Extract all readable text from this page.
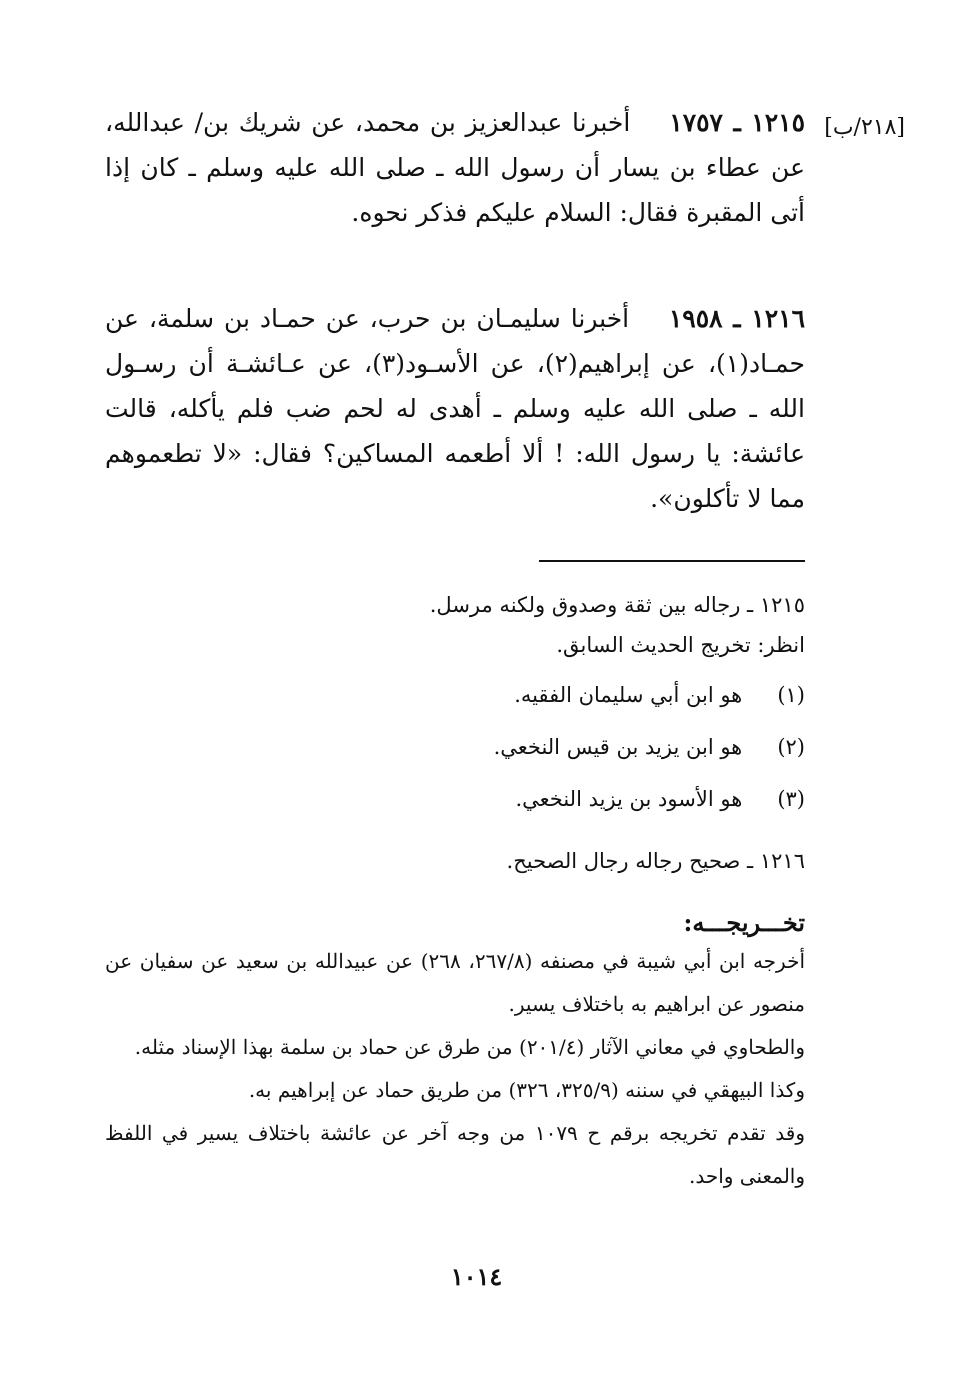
[٢١٨/ب]
١٢١٥ ـ ١٧٥٧    أخبرنا عبدالعزيز بن محمد، عن شريك بن/ عبدالله، عن عطاء بن يسار أن رسول الله ـ صلى الله عليه وسلم ـ كان إذا أتى المقبرة فقال: السلام عليكم فذكر نحوه.
١٢١٦ ـ ١٩٥٨    أخبرنا سليمـان بن حرب، عن حمـاد بن سلمة، عن حمـاد(١)، عن إبراهيم(٢)، عن الأسـود(٣)، عن عـائشـة أن رسـول الله ـ صلى الله عليه وسلم ـ أهدى له لحم ضب فلم يأكله، قالت عائشة: يا رسول الله: ! ألا أطعمه المساكين؟ فقال: «لا تطعموهم مما لا تأكلون».
١٢١٥ ـ رجاله بين ثقة وصدوق ولكنه مرسل.
انظر: تخريج الحديث السابق.
(١)    هو ابن أبي سليمان الفقيه.
(٢)    هو ابن يزيد بن قيس النخعي.
(٣)    هو الأسود بن يزيد النخعي.
١٢١٦ ـ صحيح رجاله رجال الصحيح.
تخـــريجـــه:

أخرجه ابن أبي شيبة في مصنفه (٢٦٧/٨، ٢٦٨) عن عبيدالله بن سعيد عن سفيان عن منصور عن ابراهيم به باختلاف يسير.

والطحاوي في معاني الآثار (٢٠١/٤) من طرق عن حماد بن سلمة بهذا الإسناد مثله.

وكذا البيهقي في سننه (٣٢٥/٩، ٣٢٦) من طريق حماد عن إبراهيم به.

وقد تقدم تخريجه برقم ح ١٠٧٩ من وجه آخر عن عائشة باختلاف يسير في اللفظ والمعنى واحد.

١٠١٤
